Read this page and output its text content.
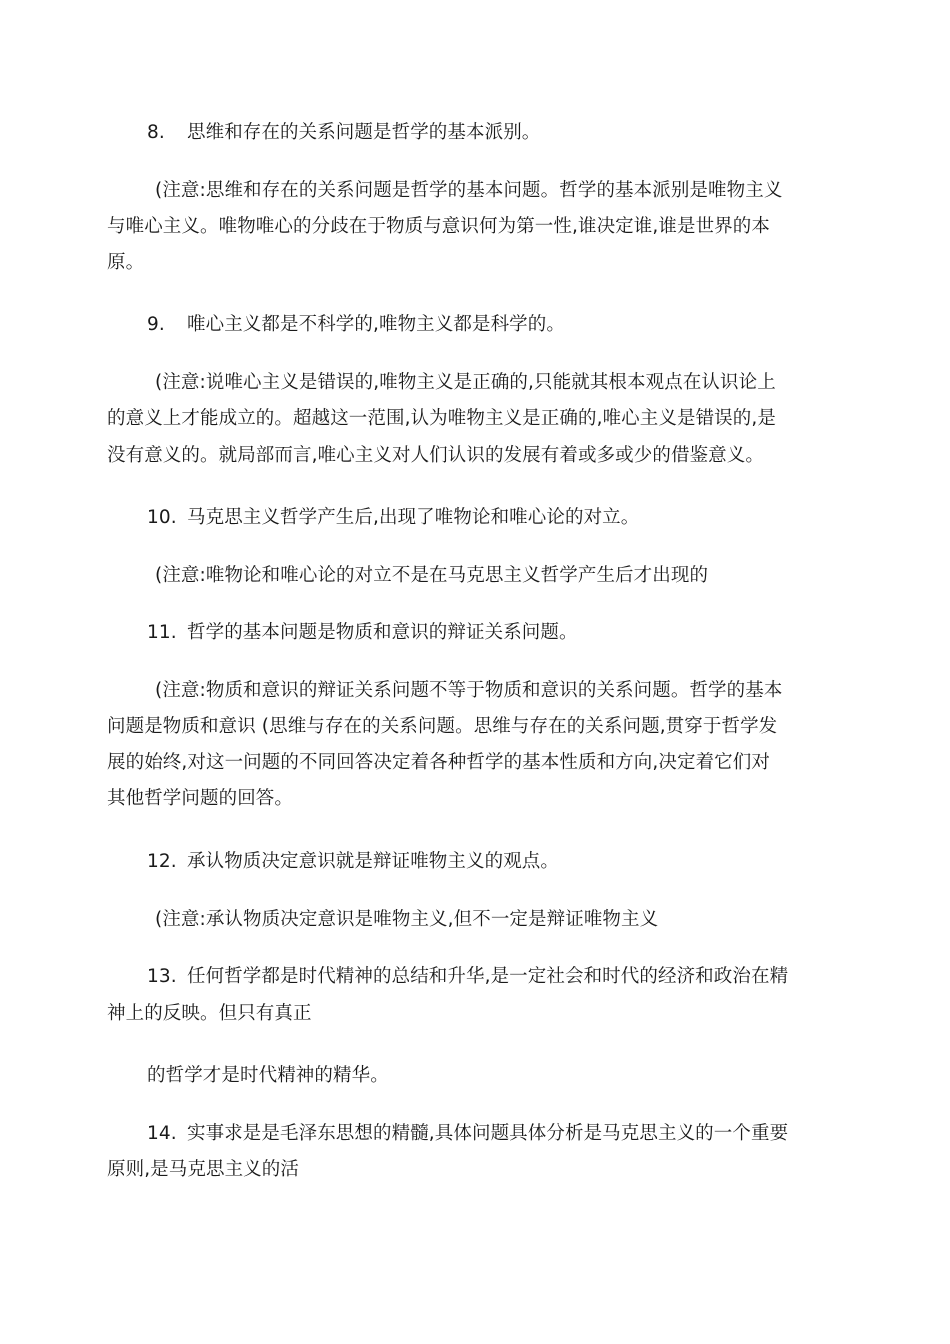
8. 思维和存在的关系问题是哲学的基本派别。
(注意:思维和存在的关系问题是哲学的基本问题。哲学的基本派别是唯物主义
与唯心主义。唯物唯心的分歧在于物质与意识何为第一性,谁决定谁,谁是世界的本
原。
9. 唯心主义都是不科学的,唯物主义都是科学的。
(注意:说唯心主义是错误的,唯物主义是正确的,只能就其根本观点在认识论上
的意义上才能成立的。超越这一范围,认为唯物主义是正确的,唯心主义是错误的,是
没有意义的。就局部而言,唯心主义对人们认识的发展有着或多或少的借鉴意义。
10. 马克思主义哲学产生后,出现了唯物论和唯心论的对立。
(注意:唯物论和唯心论的对立不是在马克思主义哲学产生后才出现的
11. 哲学的基本问题是物质和意识的辩证关系问题。
(注意:物质和意识的辩证关系问题不等于物质和意识的关系问题。哲学的基本
问题是物质和意识 (思维与存在的关系问题。思维与存在的关系问题,贯穿于哲学发
展的始终,对这一问题的不同回答决定着各种哲学的基本性质和方向,决定着它们对
其他哲学问题的回答。
12. 承认物质决定意识就是辩证唯物主义的观点。
(注意:承认物质决定意识是唯物主义,但不一定是辩证唯物主义
13. 任何哲学都是时代精神的总结和升华,是一定社会和时代的经济和政治在精
神上的反映。但只有真正
的哲学才是时代精神的精华。
14. 实事求是是毛泽东思想的精髓,具体问题具体分析是马克思主义的一个重要
原则,是马克思主义的活
